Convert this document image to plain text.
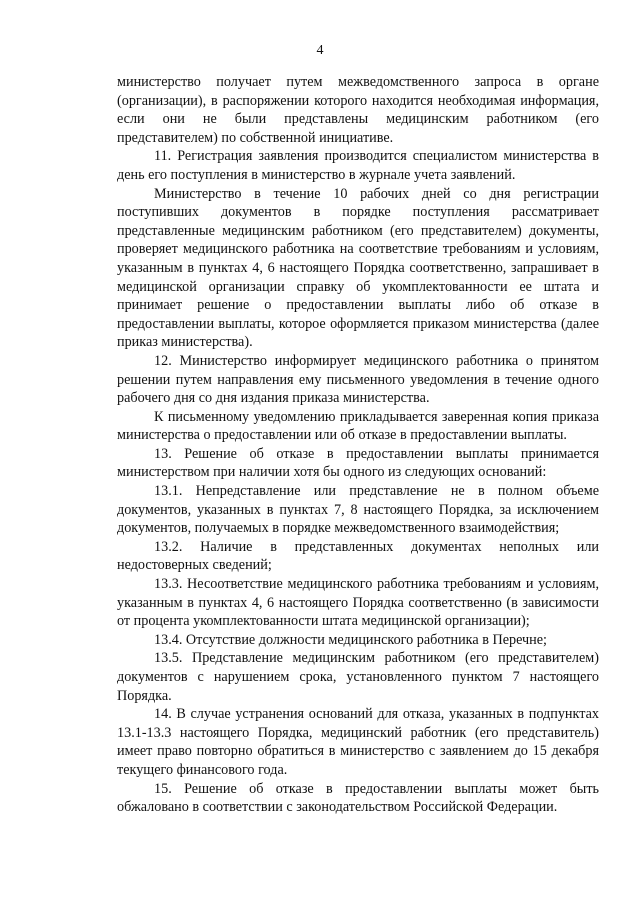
4

министерство получает путем межведомственного запроса в органе (организации), в распоряжении которого находится необходимая информация, если они не были представлены медицинским работником (его представителем) по собственной инициативе.

11. Регистрация заявления производится специалистом министерства в день его поступления в министерство в журнале учета заявлений.

Министерство в течение 10 рабочих дней со дня регистрации поступивших документов в порядке поступления рассматривает представленные медицинским работником (его представителем) документы, проверяет медицинского работника на соответствие требованиям и условиям, указанным в пунктах 4, 6 настоящего Порядка соответственно, запрашивает в медицинской организации справку об укомплектованности ее штата и принимает решение о предоставлении выплаты либо об отказе в предоставлении выплаты, которое оформляется приказом министерства (далее приказ министерства).

12. Министерство информирует медицинского работника о принятом решении путем направления ему письменного уведомления в течение одного рабочего дня со дня издания приказа министерства.

К письменному уведомлению прикладывается заверенная копия приказа министерства о предоставлении или об отказе в предоставлении выплаты.

13. Решение об отказе в предоставлении выплаты принимается министерством при наличии хотя бы одного из следующих оснований:

13.1. Непредставление или представление не в полном объеме документов, указанных в пунктах 7, 8 настоящего Порядка, за исключением документов, получаемых в порядке межведомственного взаимодействия;

13.2. Наличие в представленных документах неполных или недостоверных сведений;

13.3. Несоответствие медицинского работника требованиям и условиям, указанным в пунктах 4, 6 настоящего Порядка соответственно (в зависимости от процента укомплектованности штата медицинской организации);

13.4. Отсутствие должности медицинского работника в Перечне;

13.5. Представление медицинским работником (его представителем) документов с нарушением срока, установленного пунктом 7 настоящего Порядка.

14. В случае устранения оснований для отказа, указанных в подпунктах 13.1-13.3 настоящего Порядка, медицинский работник (его представитель) имеет право повторно обратиться в министерство с заявлением до 15 декабря текущего финансового года.

15. Решение об отказе в предоставлении выплаты может быть обжаловано в соответствии с законодательством Российской Федерации.
